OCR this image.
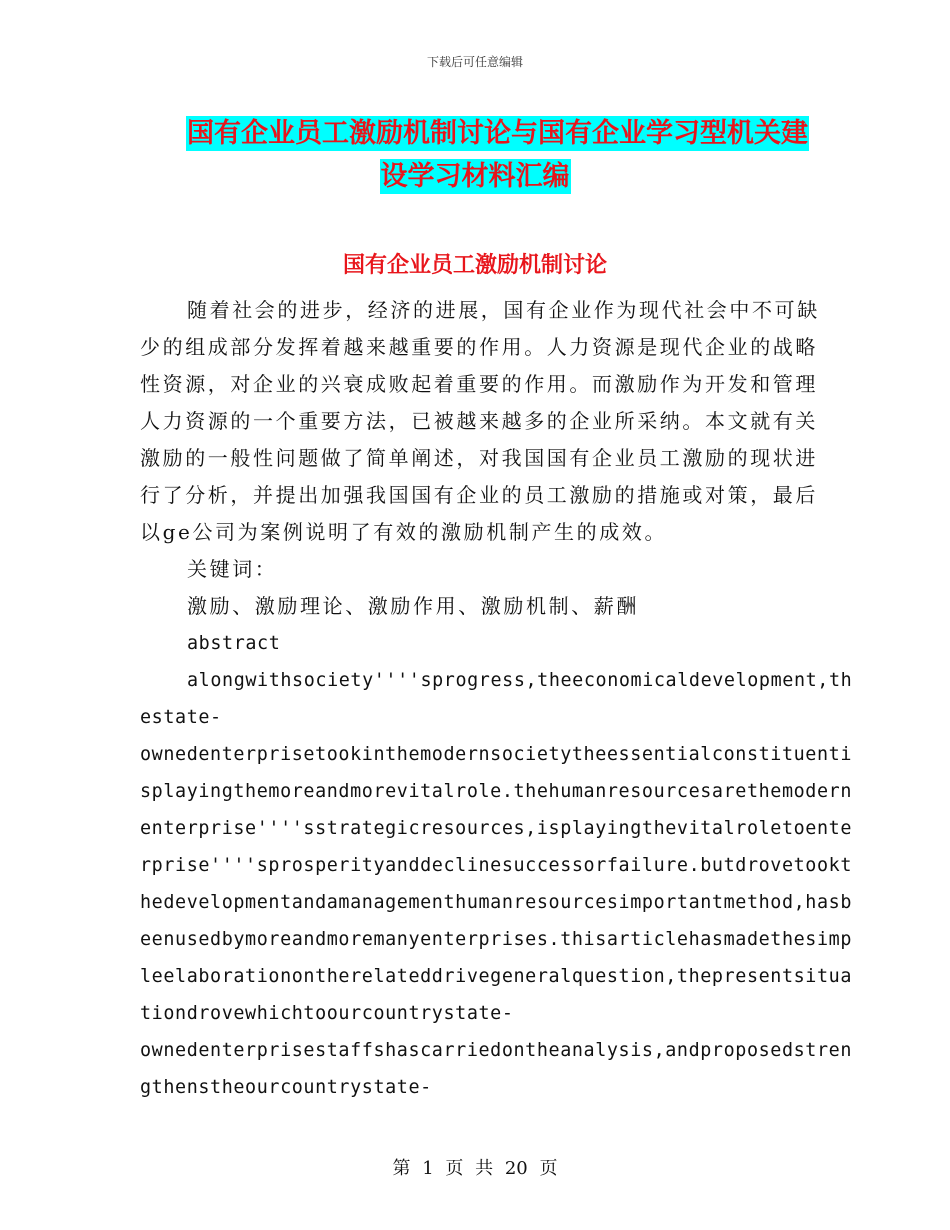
下载后可任意编辑
国有企业员工激励机制讨论与国有企业学习型机关建
设学习材料汇编
国有企业员工激励机制讨论
随着社会的进步，经济的进展，国有企业作为现代社会中不可缺
少的组成部分发挥着越来越重要的作用。人力资源是现代企业的战略
性资源，对企业的兴衰成败起着重要的作用。而激励作为开发和管理
人力资源的一个重要方法，已被越来越多的企业所采纳。本文就有关
激励的一般性问题做了简单阐述，对我国国有企业员工激励的现状进
行了分析，并提出加强我国国有企业的员工激励的措施或对策，最后
以ge公司为案例说明了有效的激励机制产生的成效。
关键词：
激励、激励理论、激励作用、激励机制、薪酬
abstract
alongwithsociety''''sprogress,theeconomicaldevelopment,th
estate-
ownedenterprisetookinthemodernsocietytheessentialconstituenti
splayingthemoreandmorevitalrole.thehumanresourcesarethemodern
enterprise''''sstrategicresources,isplayingthevitalroletoente
rprise''''sprosperityanddeclinesuccessorfailure.butdrovetookt
hedevelopmentandamanagementhumanresourcesimportantmethod,hasb
eenusedbymoreandmoremanyenterprises.thisarticlehasmadethesimp
leelaborationontherelateddrivegeneralquestion,thepresentsitua
tiondrovewhichtoourcountrystate-
ownedenterprisestaffshascarriedontheanalysis,andproposedstren
gthenstheourcountrystate-
第 1 页 共 20 页
